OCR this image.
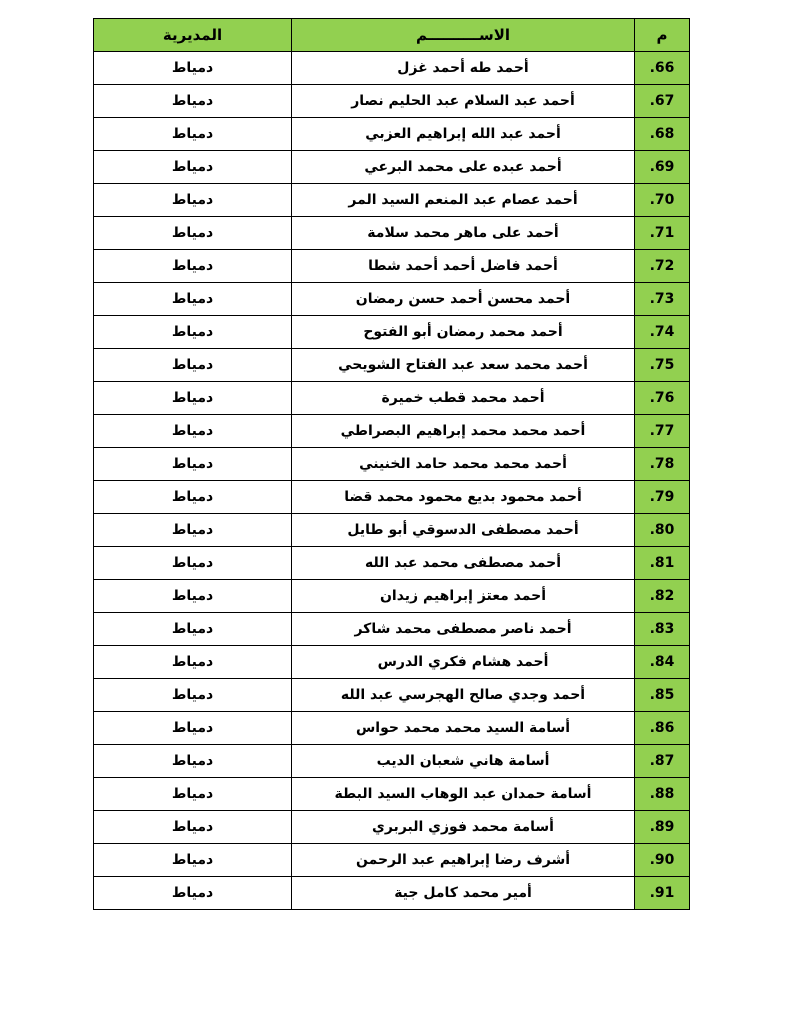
المديرية	الاســــــــــم	م
دمياط	أحمد طه أحمد غزل	.66
دمياط	أحمد عبد السلام عبد الحليم نصار	.67
دمياط	أحمد عبد الله إبراهيم العزبي	.68
دمياط	أحمد عبده على محمد البرعي	.69
دمياط	أحمد عصام عبد المنعم السيد المر	.70
دمياط	أحمد على ماهر محمد سلامة	.71
دمياط	أحمد فاضل أحمد أحمد شطا	.72
دمياط	أحمد محسن أحمد حسن رمضان	.73
دمياط	أحمد محمد رمضان أبو الفتوح	.74
دمياط	أحمد محمد سعد عبد الفتاح الشويحي	.75
دمياط	أحمد محمد قطب خميرة	.76
دمياط	أحمد محمد محمد إبراهيم البصراطي	.77
دمياط	أحمد محمد محمد حامد الخنيني	.78
دمياط	أحمد محمود بديع محمود محمد قضا	.79
دمياط	أحمد مصطفى الدسوقي أبو طايل	.80
دمياط	أحمد مصطفى محمد عبد الله	.81
دمياط	أحمد معتز إبراهيم زيدان	.82
دمياط	أحمد ناصر مصطفى محمد شاكر	.83
دمياط	أحمد هشام فكري الدرس	.84
دمياط	أحمد وجدي صالح الهجرسي عبد الله	.85
دمياط	أسامة السيد محمد محمد حواس	.86
دمياط	أسامة هاني شعبان الديب	.87
دمياط	أسامة حمدان عبد الوهاب السيد البطة	.88
دمياط	أسامة محمد فوزي البربري	.89
دمياط	أشرف رضا إبراهيم عبد الرحمن	.90
دمياط	أمير محمد كامل جية	.91
